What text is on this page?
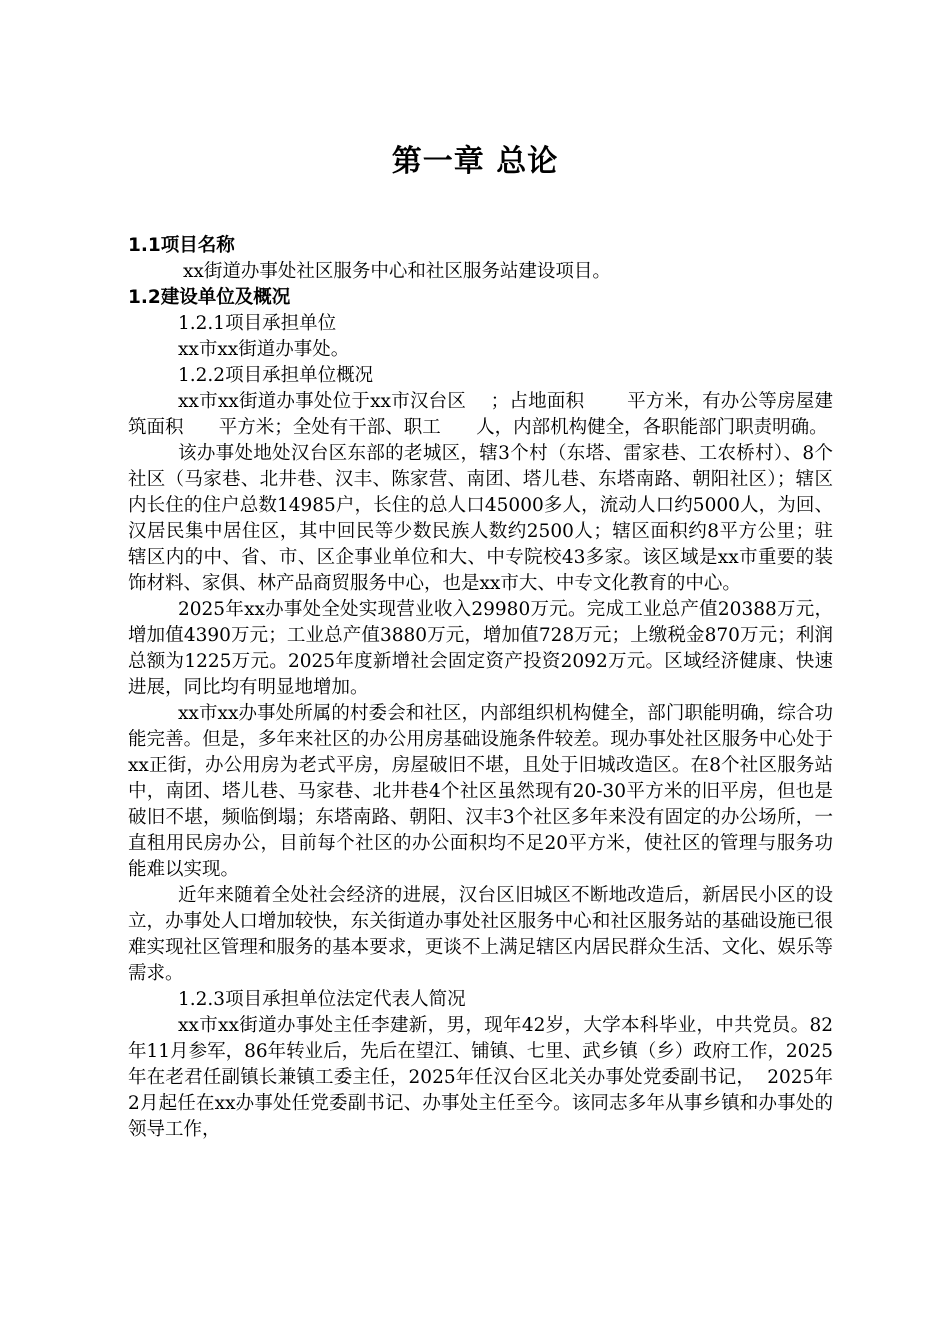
第一章 总论

1.1项目名称

xx街道办事处社区服务中心和社区服务站建设项目。

1.2建设单位及概况

1.2.1项目承担单位

xx市xx街道办事处。

1.2.2项目承担单位概况

xx市xx街道办事处位于xx市汉台区    ；占地面积       平方米，有办公等房屋建筑面积      平方米；全处有干部、职工      人，内部机构健全，各职能部门职责明确。

该办事处地处汉台区东部的老城区，辖3个村（东塔、雷家巷、工农桥村）、8个社区（马家巷、北井巷、汉丰、陈家营、南团、塔儿巷、东塔南路、朝阳社区）；辖区内长住的住户总数14985户，长住的总人口45000多人，流动人口约5000人，为回、汉居民集中居住区，其中回民等少数民族人数约2500人；辖区面积约8平方公里；驻辖区内的中、省、市、区企事业单位和大、中专院校43多家。该区域是xx市重要的装饰材料、家俱、林产品商贸服务中心，也是xx市大、中专文化教育的中心。

2025年xx办事处全处实现营业收入29980万元。完成工业总产值20388万元，增加值4390万元；工业总产值3880万元，增加值728万元；上缴税金870万元；利润总额为1225万元。2025年度新增社会固定资产投资2092万元。区域经济健康、快速进展，同比均有明显地增加。

xx市xx办事处所属的村委会和社区，内部组织机构健全，部门职能明确，综合功能完善。但是，多年来社区的办公用房基础设施条件较差。现办事处社区服务中心处于xx正街，办公用房为老式平房，房屋破旧不堪，且处于旧城改造区。在8个社区服务站中，南团、塔儿巷、马家巷、北井巷4个社区虽然现有20-30平方米的旧平房，但也是破旧不堪，频临倒塌；东塔南路、朝阳、汉丰3个社区多年来没有固定的办公场所，一直租用民房办公，目前每个社区的办公面积均不足20平方米，使社区的管理与服务功能难以实现。

近年来随着全处社会经济的进展，汉台区旧城区不断地改造后，新居民小区的设立，办事处人口增加较快，东关街道办事处社区服务中心和社区服务站的基础设施已很难实现社区管理和服务的基本要求，更谈不上满足辖区内居民群众生活、文化、娱乐等需求。

1.2.3项目承担单位法定代表人简况

xx市xx街道办事处主任李建新，男，现年42岁，大学本科毕业，中共党员。82年11月参军，86年转业后，先后在望江、铺镇、七里、武乡镇（乡）政府工作，2025年在老君任副镇长兼镇工委主任，2025年任汉台区北关办事处党委副书记，  2025年2月起任在xx办事处任党委副书记、办事处主任至今。该同志多年从事乡镇和办事处的领导工作，
